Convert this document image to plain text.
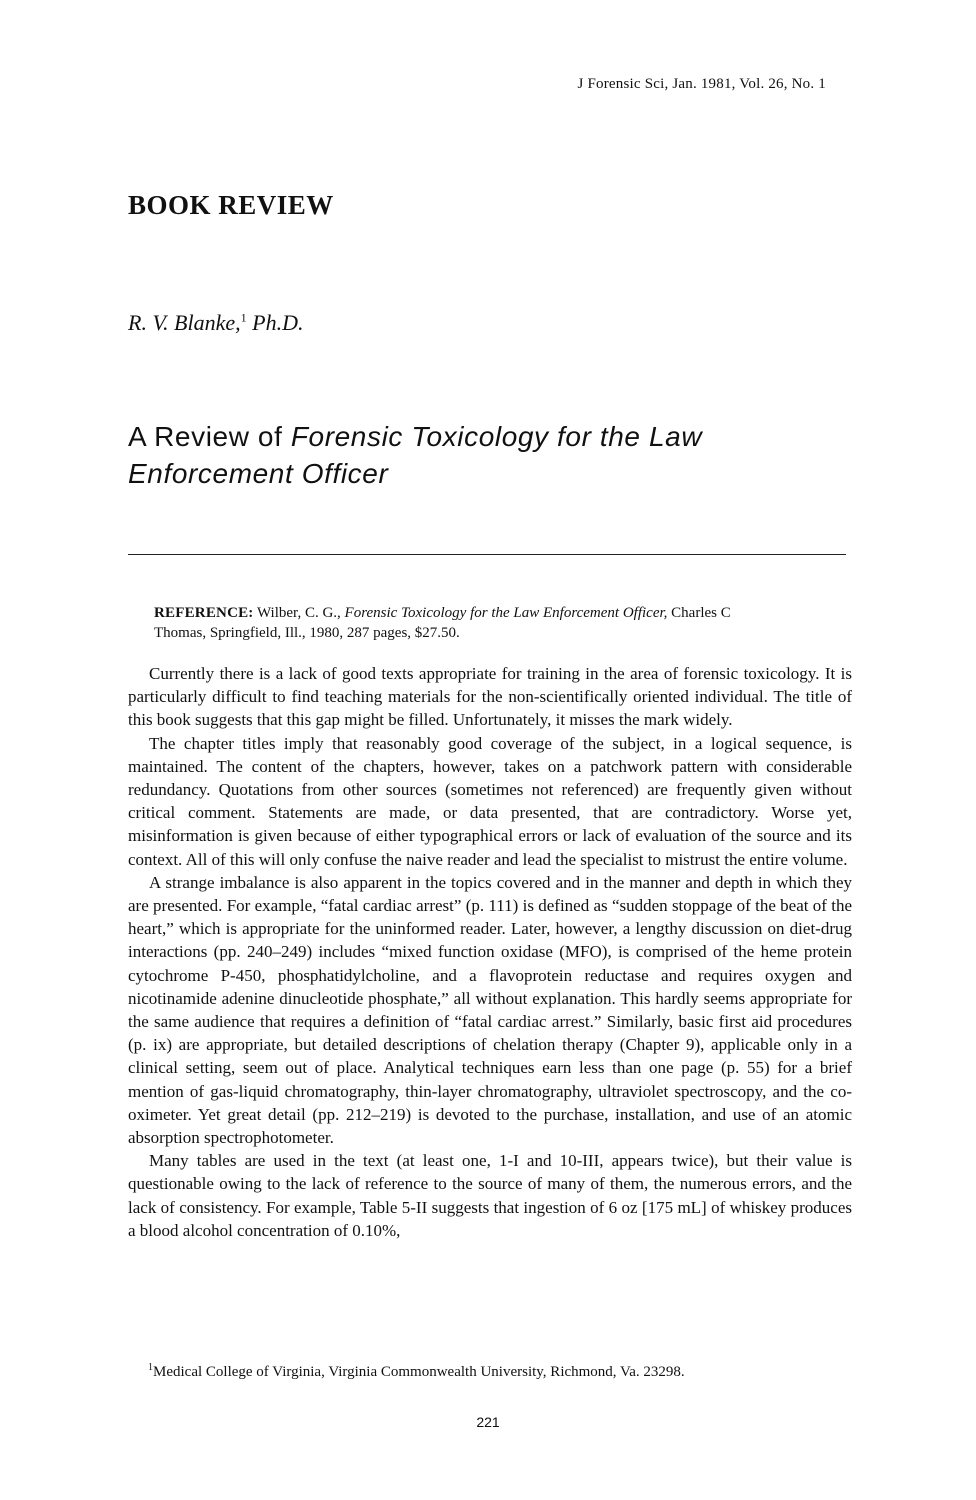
J Forensic Sci, Jan. 1981, Vol. 26, No. 1
BOOK REVIEW
R. V. Blanke,$^1$ Ph.D.
A Review of Forensic Toxicology for the Law
Enforcement Officer
REFERENCE: Wilber, C. G., Forensic Toxicology for the Law Enforcement Officer, Charles C
Thomas, Springfield, Ill., 1980, 287 pages, $27.50.

Currently there is a lack of good texts appropriate for training in the area of forensic toxicology. It is particularly difficult to find teaching materials for the non-scientifically oriented individual. The title of this book suggests that this gap might be filled. Unfortunately, it misses the mark widely.

The chapter titles imply that reasonably good coverage of the subject, in a logical sequence, is maintained. The content of the chapters, however, takes on a patchwork pattern with considerable redundancy. Quotations from other sources (sometimes not referenced) are frequently given without critical comment. Statements are made, or data presented, that are contradictory. Worse yet, misinformation is given because of either typographical errors or lack of evaluation of the source and its context. All of this will only confuse the naive reader and lead the specialist to mistrust the entire volume.

A strange imbalance is also apparent in the topics covered and in the manner and depth in which they are presented. For example, “fatal cardiac arrest” (p. 111) is defined as “sudden stoppage of the beat of the heart,” which is appropriate for the uninformed reader. Later, however, a lengthy discussion on diet-drug interactions (pp. 240–249) includes “mixed function oxidase (MFO), is comprised of the heme protein cytochrome P-450, phosphatidylcholine, and a flavoprotein reductase and requires oxygen and nicotinamide adenine dinucleotide phosphate,” all without explanation. This hardly seems appropriate for the same audience that requires a definition of “fatal cardiac arrest.” Similarly, basic first aid procedures (p. ix) are appropriate, but detailed descriptions of chelation therapy (Chapter 9), applicable only in a clinical setting, seem out of place. Analytical techniques earn less than one page (p. 55) for a brief mention of gas-liquid chromatography, thin-layer chromatography, ultraviolet spectroscopy, and the co-oximeter. Yet great detail (pp. 212–219) is devoted to the purchase, installation, and use of an atomic absorption spectrophotometer.

Many tables are used in the text (at least one, 1-I and 10-III, appears twice), but their value is questionable owing to the lack of reference to the source of many of them, the numerous errors, and the lack of consistency. For example, Table 5-II suggests that ingestion of 6 oz [175 mL] of whiskey produces a blood alcohol concentration of 0.10%,

$^1$Medical College of Virginia, Virginia Commonwealth University, Richmond, Va. 23298.
221
